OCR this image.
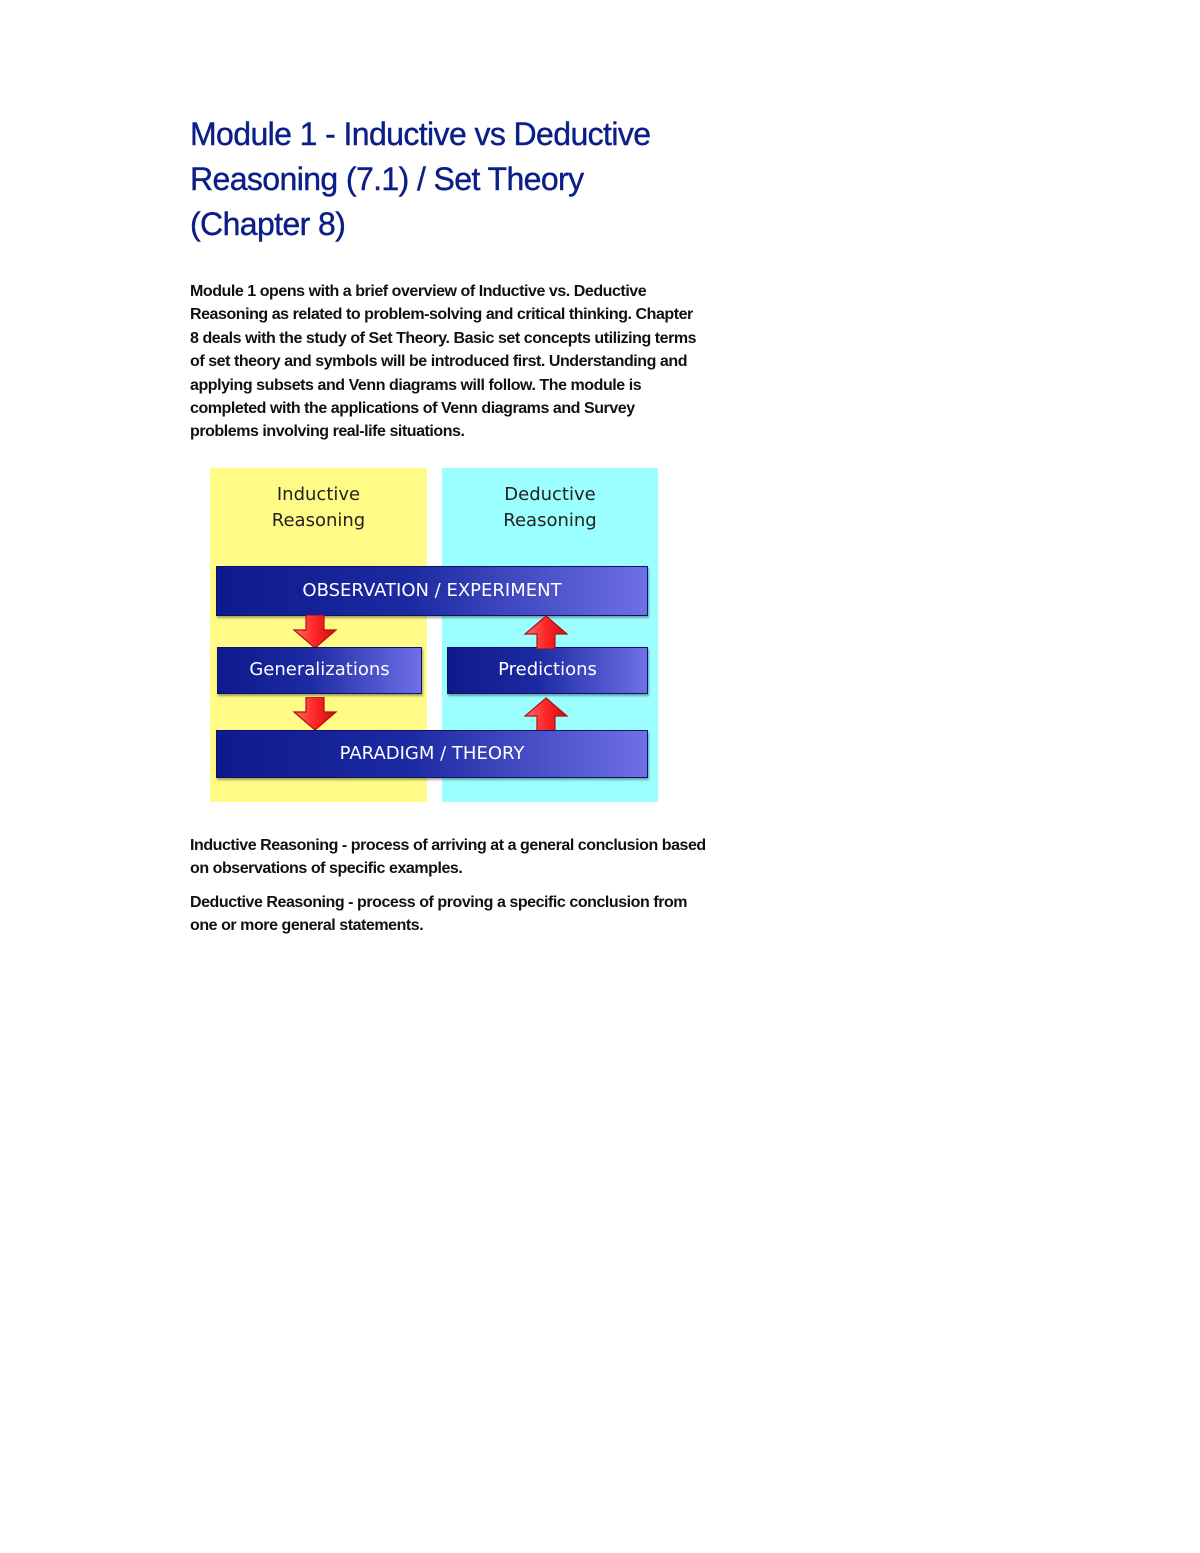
Module 1 - Inductive vs Deductive Reasoning (7.1) / Set Theory (Chapter 8)

Module 1 opens with a brief overview of Inductive vs. Deductive Reasoning as related to problem-solving and critical thinking. Chapter 8 deals with the study of Set Theory. Basic set concepts utilizing terms of set theory and symbols will be introduced first. Understanding and applying subsets and Venn diagrams will follow. The module is completed with the applications of Venn diagrams and Survey problems involving real-life situations.

Inductive
Reasoning
Deductive
Reasoning
OBSERVATION / EXPERIMENT
Generalizations	Predictions
PARADIGM / THEORY

Inductive Reasoning - process of arriving at a general conclusion based on observations of specific examples.

Deductive Reasoning - process of proving a specific conclusion from one or more general statements.
